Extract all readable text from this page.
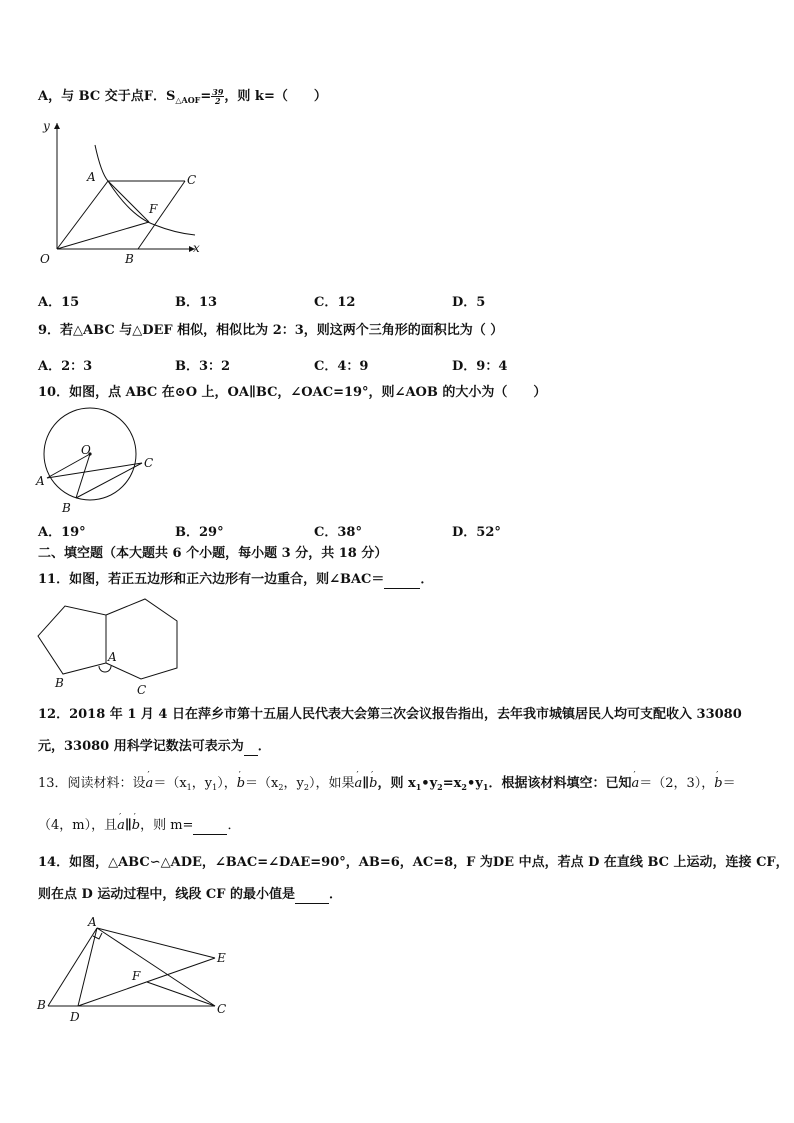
A，与 BC 交于点F．$S_{\triangle AOF}= \frac{39}{2}$ ，则 k=（　　）
y
A	C
F
O	B
x
A．15	B．13	C．12	D．5
9．若△ABC 与△DEF 相似，相似比为 2：3，则这两个三角形的面积比为（ ）
A．2：3	B．3：2	C．4：9	D．9：4
10．如图，点 ABC 在⊙O 上，OA∥BC，∠OAC=19°，则∠AOB 的大小为（　　）
O
C
A
B
A．19°	B．29°	C．38°	D．52°
二、填空题（本大题共 6 个小题，每小题 3 分，共 18 分）
11．如图，若正五边形和正六边形有一边重合，则∠BAC＝	．
A
B	C
12．2018 年 1 月 4 日在萍乡市第十五届人民代表大会第三次会议报告指出，去年我市城镇居民人均可支配收入 33080
元，33080 用科学记数法可表示为 ．
13．阅读材料：设′ $a=(x_1$，$y_1$），′ $b=(x_2$，$y_2$），如果′ a∥′ b，则 $x_1•y_2=x_2•y_1$．根据该材料填空：已知′ a＝（2，3），′ b＝
（4，m），且′ a∥′ b，则 m=	．
14．如图，△ABC∽△ADE，∠BAC=∠DAE=90°，AB=6，AC=8，F 为DE 中点，若点 D 在直线 BC 上运动，连接 CF，
则在点 D 运动过程中，线段 CF 的最小值是	．
A
E
F
B
D
C
